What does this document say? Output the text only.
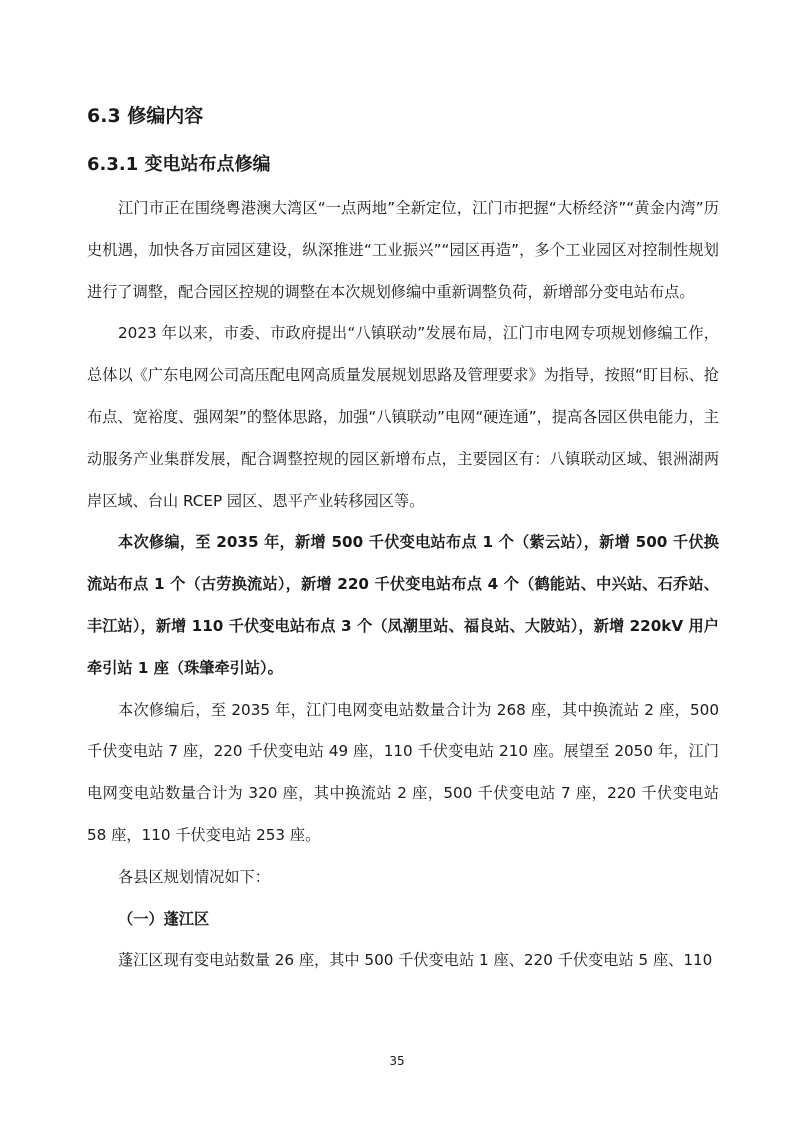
6.3 修编内容
6.3.1 变电站布点修编

江门市正在围绕粤港澳大湾区“一点两地”全新定位，江门市把握“大桥经济”“黄金内湾”历史机遇，加快各万亩园区建设，纵深推进“工业振兴”“园区再造”，多个工业园区对控制性规划进行了调整，配合园区控规的调整在本次规划修编中重新调整负荷，新增部分变电站布点。

2023 年以来，市委、市政府提出“八镇联动”发展布局，江门市电网专项规划修编工作，总体以《广东电网公司高压配电网高质量发展规划思路及管理要求》为指导，按照“盯目标、抢布点、宽裕度、强网架”的整体思路，加强“八镇联动”电网“硬连通”，提高各园区供电能力，主动服务产业集群发展，配合调整控规的园区新增布点，主要园区有：八镇联动区域、银洲湖两岸区域、台山 RCEP 园区、恩平产业转移园区等。

本次修编，至 2035 年，新增 500 千伏变电站布点 1 个（紫云站），新增 500 千伏换流站布点 1 个（古劳换流站），新增 220 千伏变电站布点 4 个（鹤能站、中兴站、石乔站、丰江站），新增 110 千伏变电站布点 3 个（凤潮里站、福良站、大陂站），新增 220kV 用户牵引站 1 座（珠肇牵引站）。

本次修编后，至 2035 年，江门电网变电站数量合计为 268 座，其中换流站 2 座，500 千伏变电站 7 座，220 千伏变电站 49 座，110 千伏变电站 210 座。展望至 2050 年，江门电网变电站数量合计为 320 座，其中换流站 2 座，500 千伏变电站 7 座，220 千伏变电站 58 座，110 千伏变电站 253 座。

各县区规划情况如下：

（一）蓬江区

蓬江区现有变电站数量 26 座，其中 500 千伏变电站 1 座、220 千伏变电站 5 座、110

35
